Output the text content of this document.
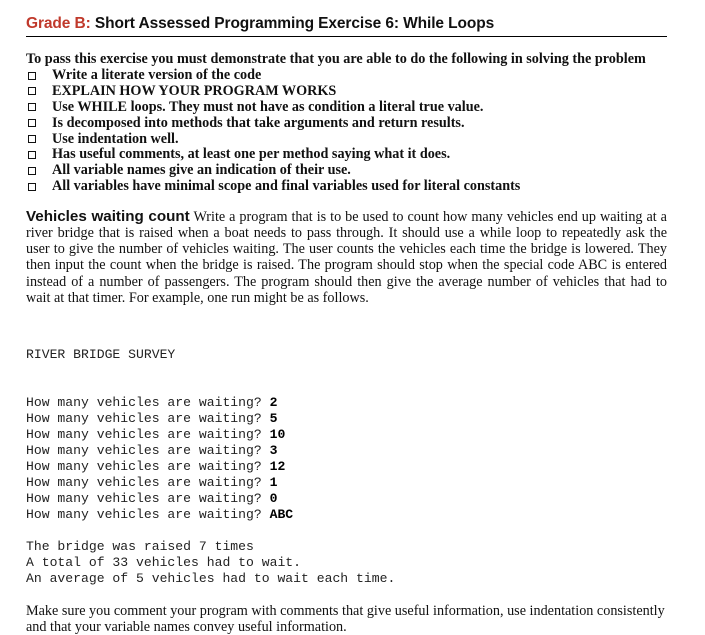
Grade B: Short Assessed Programming Exercise 6: While Loops
To pass this exercise you must demonstrate that you are able to do the following in solving the problem
Write a literate version of the code
EXPLAIN HOW YOUR PROGRAM WORKS
Use WHILE loops. They must not have as condition a literal true value.
Is decomposed into methods that take arguments and return results.
Use indentation well.
Has useful comments, at least one per method saying what it does.
All variable names give an indication of their use.
All variables have minimal scope and final variables used for literal constants
Vehicles waiting count Write a program that is to be used to count how many vehicles end up waiting at a river bridge that is raised when a boat needs to pass through. It should use a while loop to repeatedly ask the user to give the number of vehicles waiting. The user counts the vehicles each time the bridge is lowered. They then input the count when the bridge is raised. The program should stop when the special code ABC is entered instead of a number of passengers. The program should then give the average number of vehicles that had to wait at that timer. For example, one run might be as follows.

RIVER BRIDGE SURVEY

How many vehicles are waiting? 2
How many vehicles are waiting? 5
How many vehicles are waiting? 10
How many vehicles are waiting? 3
How many vehicles are waiting? 12
How many vehicles are waiting? 1
How many vehicles are waiting? 0
How many vehicles are waiting? ABC
The bridge was raised 7 times
A total of 33 vehicles had to wait.
An average of 5 vehicles had to wait each time.
Make sure you comment your program with comments that give useful information, use indentation consistently and that your variable names convey useful information.
